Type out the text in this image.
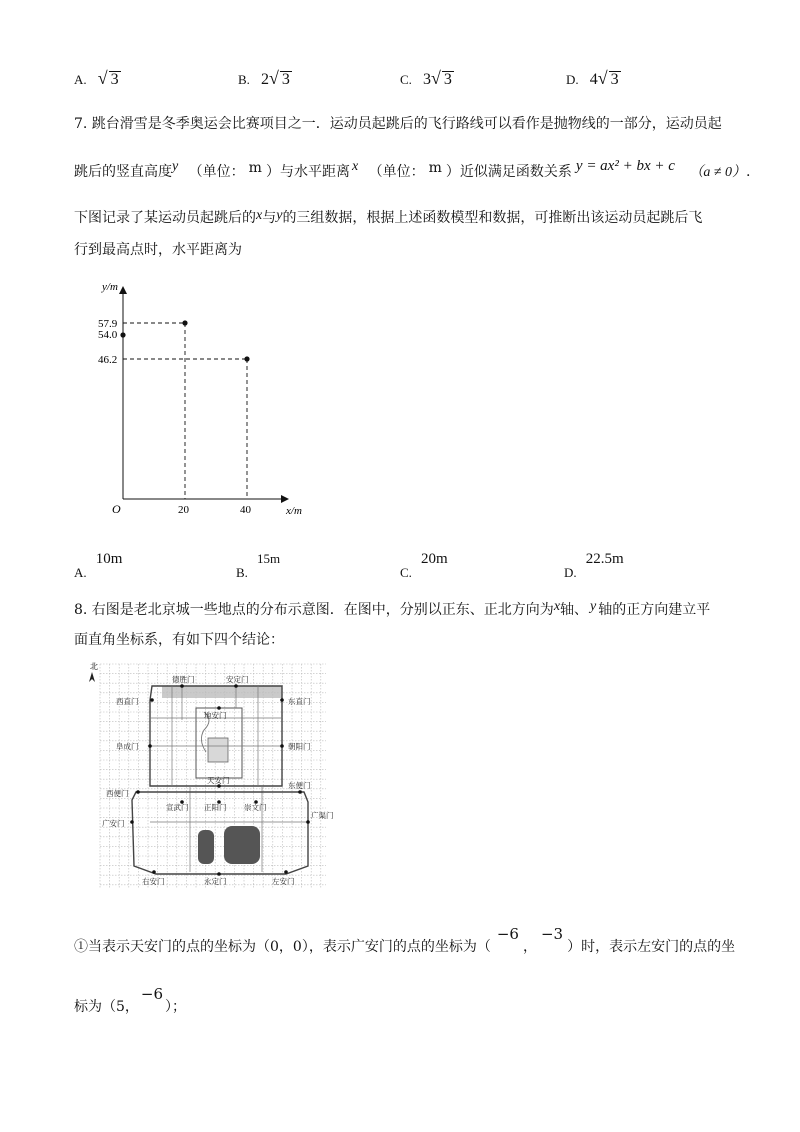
A. √ 3	B. 2√ 3	C. 3√ 3	D. 4√ 3
7. 跳台滑雪是冬季奥运会比赛项目之一．运动员起跳后的飞行路线可以看作是抛物线的一部分，运动员起
跳后的竖直高度y （单位： m ）与水平距离 x （单位： m ）近似满足函数关系 y = ax² + bx + c （a ≠ 0）.
下图记录了某运动员起跳后的x与y的三组数据，根据上述函数模型和数据，可推断出该运动员起跳后飞
行到最高点时，水平距离为
y/m
x/m
O
57.9
54.0
46.2
20	40
$_{A.}$ 10m
$_{B.}$ 15m
$_{C.}$ 20m
$_{D.}$ 22.5m
8. 右图是老北京城一些地点的分布示意图．在图中，分别以正东、正北方向为x轴、 y 轴的正方向建立平
面直角坐标系，有如下四个结论：
北
德胜门	安定门
西直门	东直门
阜成门	朝阳门
地安门
天安门
西便门
东便门
宣武门 正阳门 崇文门
广渠门
广安门
永定门	左安门
右安门
①当表示天安门的点的坐标为（0，0），表示广安门的点的坐标为（−6，−3）时，表示左安门的点的坐
标为（5，−6）；
